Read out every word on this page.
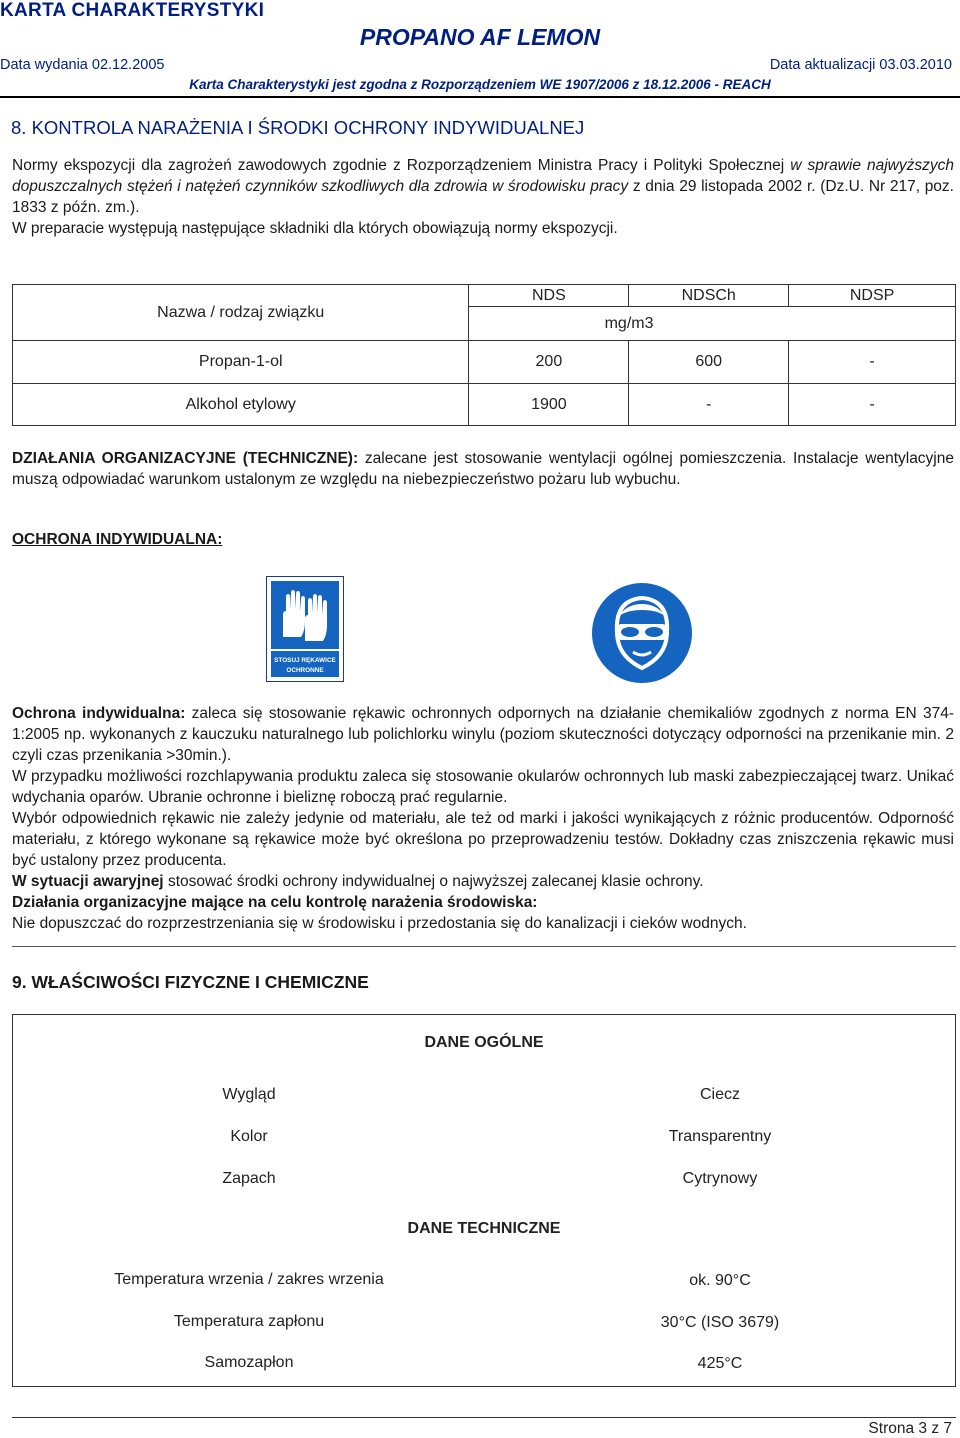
KARTA CHARAKTERYSTYKI
PROPANO AF LEMON
Data wydania 02.12.2005	Data aktualizacji 03.03.2010
Karta Charakterystyki jest zgodna z Rozporządzeniem WE 1907/2006 z 18.12.2006 - REACH
8. KONTROLA NARAŻENIA I ŚRODKI OCHRONY INDYWIDUALNEJ
Normy ekspozycji dla zagrożeń zawodowych zgodnie z Rozporządzeniem Ministra Pracy i Polityki Społecznej w sprawie najwyższych dopuszczalnych stężeń i natężeń czynników szkodliwych dla zdrowia w środowisku pracy z dnia 29 listopada 2002 r. (Dz.U. Nr 217, poz. 1833 z późn. zm.).
W preparacie występują następujące składniki dla których obowiązują normy ekspozycji.
Nazwa / rodzaj związku	NDS	NDSCh	NDSP
	mg/m3		
Propan-1-ol	200	600	-
Alkohol etylowy	1900	-	-
DZIAŁANIA ORGANIZACYJNE (TECHNICZNE): zalecane jest stosowanie wentylacji ogólnej pomieszczenia. Instalacje wentylacyjne muszą odpowiadać warunkom ustalonym ze względu na niebezpieczeństwo pożaru lub wybuchu.
OCHRONA INDYWIDUALNA:
STOSUJ RĘKAWICE
OCHRONNE

Ochrona indywidualna: zaleca się stosowanie rękawic ochronnych odpornych na działanie chemikaliów zgodnych z norma EN 374-1:2005 np. wykonanych z kauczuku naturalnego lub polichlorku winylu (poziom skuteczności dotyczący odporności na przenikanie min. 2 czyli czas przenikania >30min.).

W przypadku możliwości rozchlapywania produktu zaleca się stosowanie okularów ochronnych lub maski zabezpieczającej twarz. Unikać wdychania oparów. Ubranie ochronne i bieliznę roboczą prać regularnie.

Wybór odpowiednich rękawic nie zależy jedynie od materiału, ale też od marki i jakości wynikających z różnic producentów. Odporność materiału, z którego wykonane są rękawice może być określona po przeprowadzeniu testów. Dokładny czas zniszczenia rękawic musi być ustalony przez producenta.

W sytuacji awaryjnej stosować środki ochrony indywidualnej o najwyższej zalecanej klasie ochrony.

Działania organizacyjne mające na celu kontrolę narażenia środowiska:

Nie dopuszczać do rozprzestrzeniania się w środowisku i przedostania się do kanalizacji i cieków wodnych.

9. WŁAŚCIWOŚCI FIZYCZNE I CHEMICZNE
DANE OGÓLNE
Wygląd	Ciecz
Kolor	Transparentny
Zapach	Cytrynowy
DANE TECHNICZNE
Temperatura wrzenia / zakres wrzenia	ok. 90°C
Temperatura zapłonu	30°C (ISO 3679)
Samozapłon	425°C
Strona 3 z 7
